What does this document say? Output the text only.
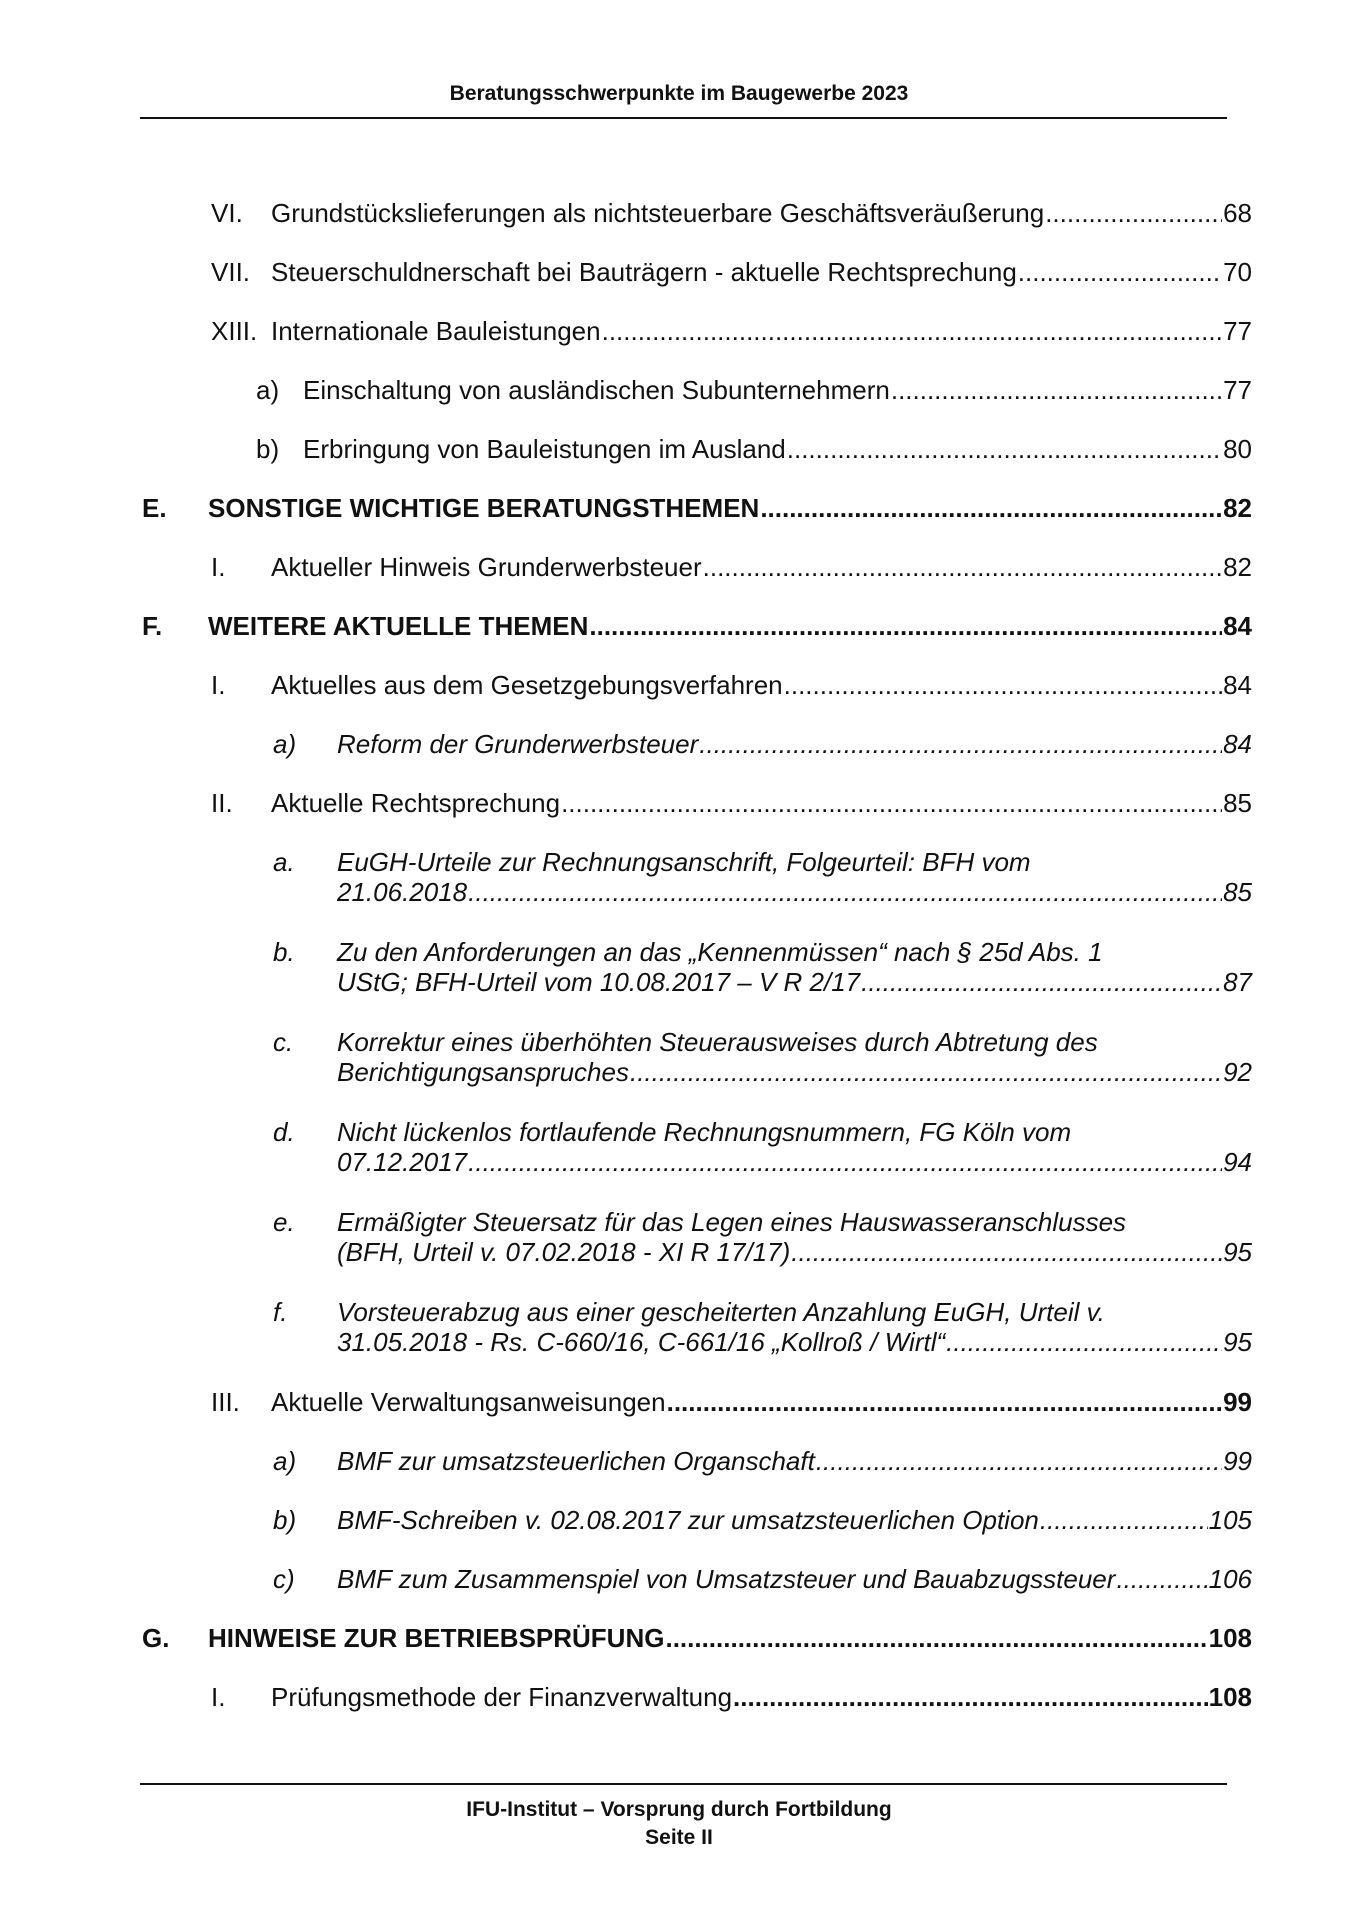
Beratungsschwerpunkte im Baugewerbe 2023
VI. Grundstückslieferungen als nichtsteuerbare Geschäftsveräußerung .....	68
VII. Steuerschuldnerschaft bei Bauträgern - aktuelle Rechtsprechung .....	70
XIII. Internationale Bauleistungen .....	77
a) Einschaltung von ausländischen Subunternehmern .....	77
b) Erbringung von Bauleistungen im Ausland .....	80
E. SONSTIGE WICHTIGE BERATUNGSTHEMEN .....	82
I. Aktueller Hinweis Grunderwerbsteuer .....	82
F. WEITERE AKTUELLE THEMEN .....	84
I. Aktuelles aus dem Gesetzgebungsverfahren .....	84
a) Reform der Grunderwerbsteuer .....	84
II. Aktuelle Rechtsprechung .....	85
a. EuGH-Urteile zur Rechnungsanschrift, Folgeurteil: BFH vom
21.06.2018 .....	85
b. Zu den Anforderungen an das „Kennenmüssen“ nach § 25d Abs. 1
UStG; BFH-Urteil vom 10.08.2017 – V R 2/17 .....	87
c. Korrektur eines überhöhten Steuerausweises durch Abtretung des
Berichtigungsanspruches .....	92
d. Nicht lückenlos fortlaufende Rechnungsnummern, FG Köln vom
07.12.2017 .....	94
e. Ermäßigter Steuersatz für das Legen eines Hauswasseranschlusses
(BFH, Urteil v. 07.02.2018 - XI R 17/17) .....	95
f. Vorsteuerabzug aus einer gescheiterten Anzahlung EuGH, Urteil v.
31.05.2018 - Rs. C-660/16, C-661/16 „Kollroß / Wirtl“ .....	95
III. Aktuelle Verwaltungsanweisungen .....	99
a) BMF zur umsatzsteuerlichen Organschaft .....	99
b) BMF-Schreiben v. 02.08.2017 zur umsatzsteuerlichen Option .....	105
c) BMF zum Zusammenspiel von Umsatzsteuer und Bauabzugssteuer .....	106
G. HINWEISE ZUR BETRIEBSPRÜFUNG .....	108
I. Prüfungsmethode der Finanzverwaltung .....	108
IFU-Institut – Vorsprung durch Fortbildung
Seite II
